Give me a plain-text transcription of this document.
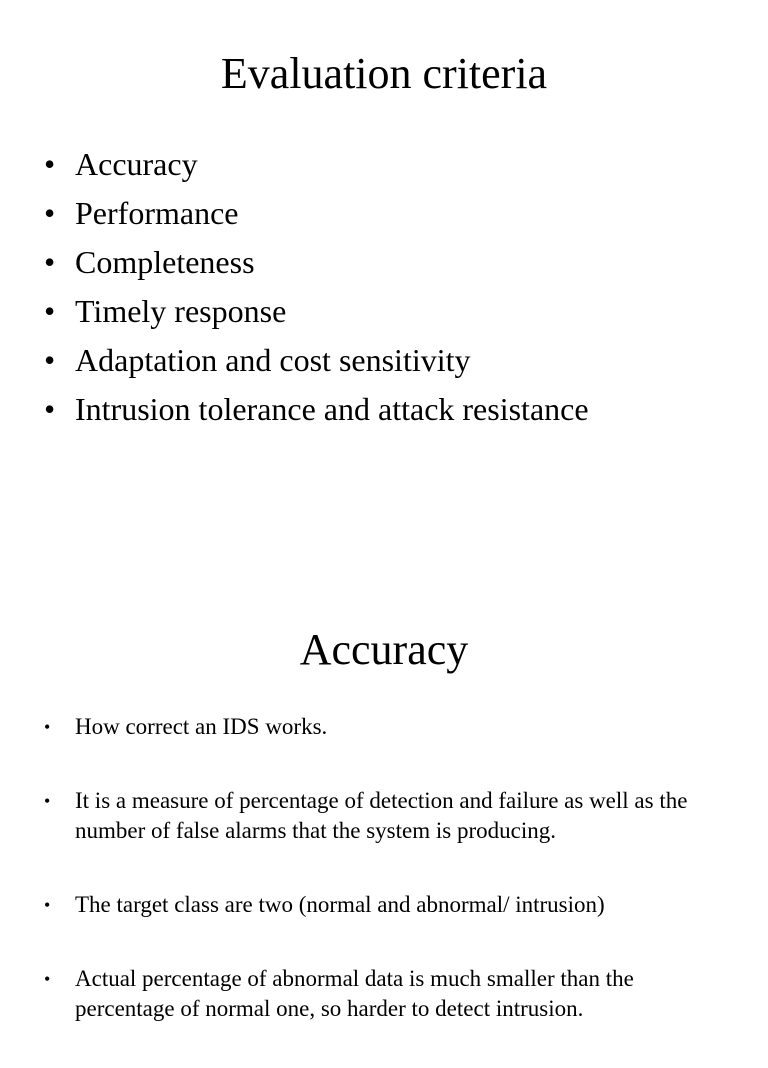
Evaluation criteria
• Accuracy
• Performance
• Completeness
• Timely response
• Adaptation and cost sensitivity
• Intrusion tolerance and attack resistance
Accuracy
• How correct an IDS works.
• It is a measure of percentage of detection and failure as well as the number of false alarms that the system is producing.
• The target class are two (normal and abnormal/ intrusion)
• Actual percentage of abnormal data is much smaller than the percentage of normal one, so harder to detect intrusion.
